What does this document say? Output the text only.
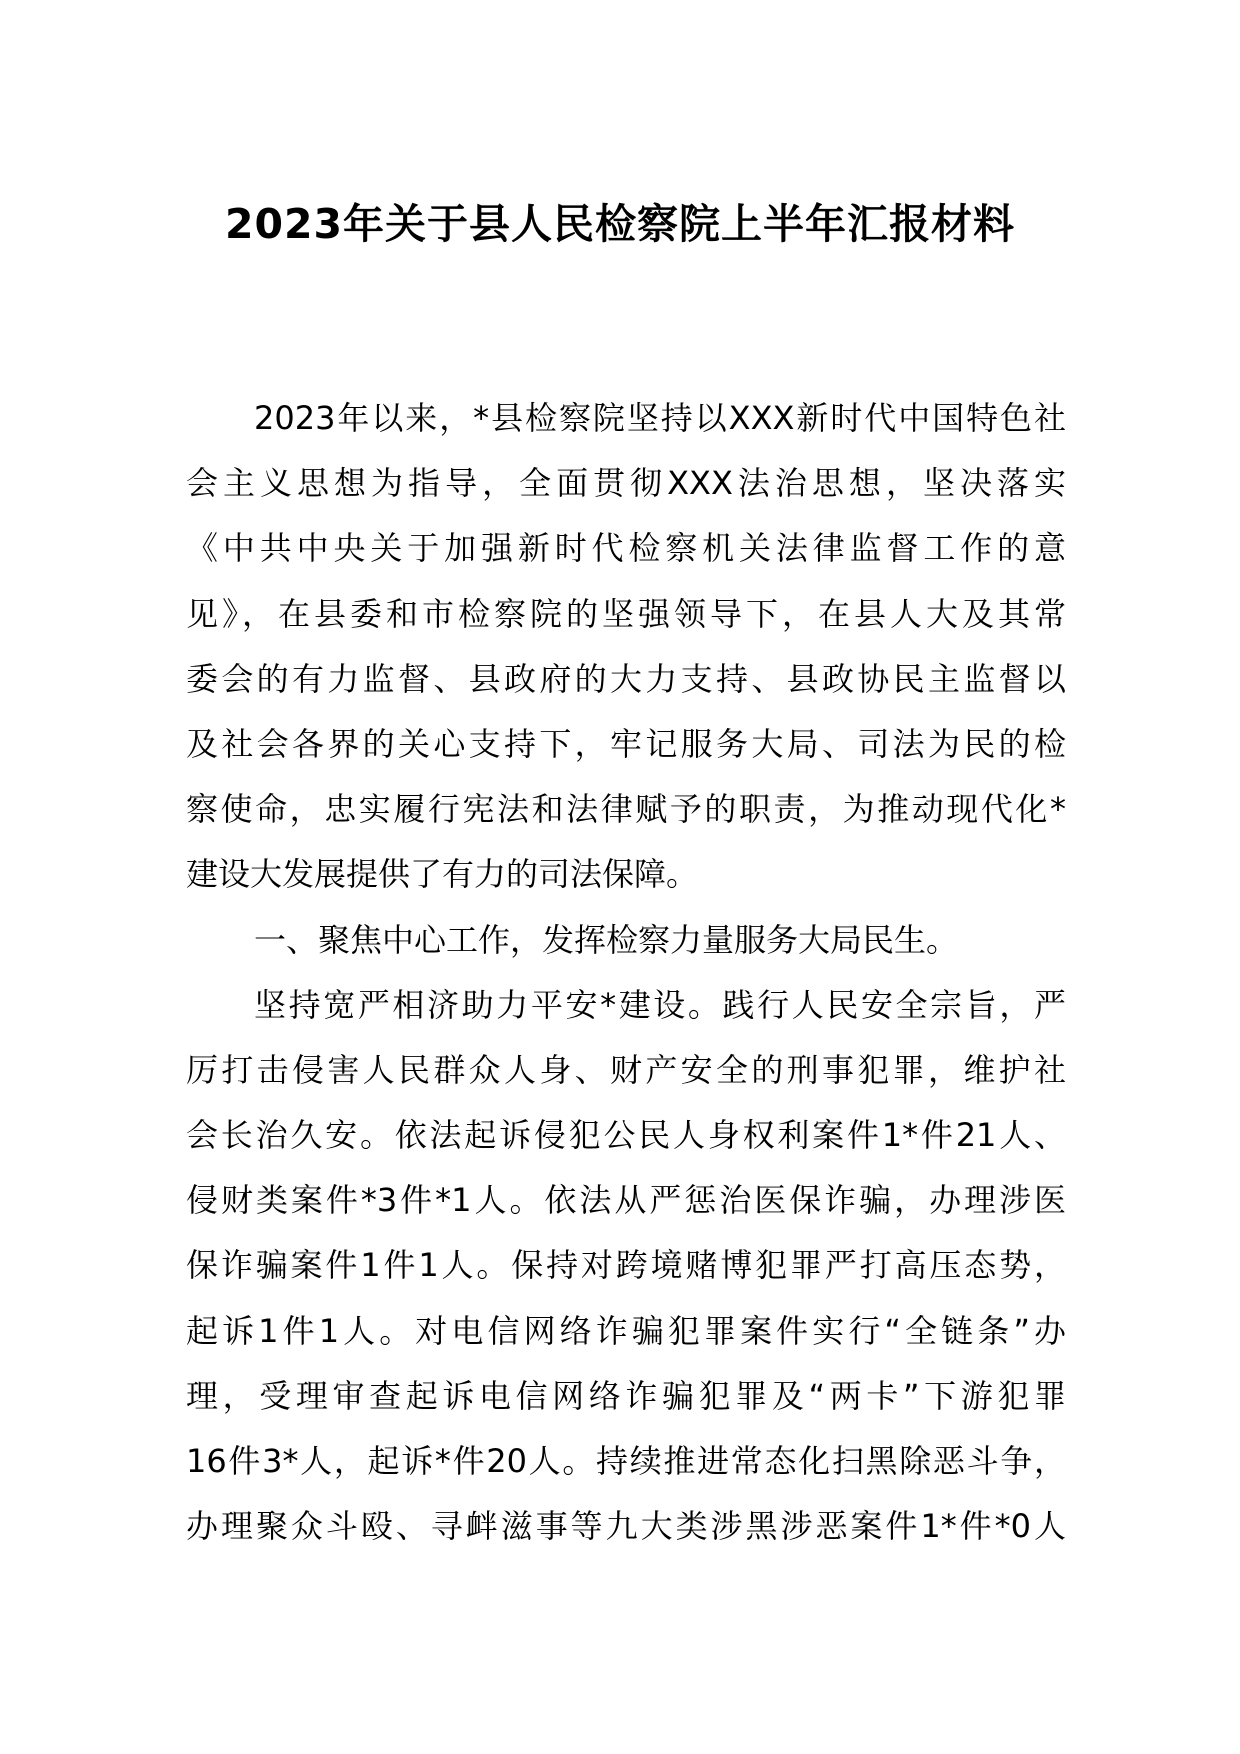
2023年关于县人民检察院上半年汇报材料
2023年以来，*县检察院坚持以XXX新时代中国特色社
会主义思想为指导，全面贯彻XXX法治思想，坚决落实
《中共中央关于加强新时代检察机关法律监督工作的意
见》，在县委和市检察院的坚强领导下，在县人大及其常
委会的有力监督、县政府的大力支持、县政协民主监督以
及社会各界的关心支持下，牢记服务大局、司法为民的检
察使命，忠实履行宪法和法律赋予的职责，为推动现代化*
建设大发展提供了有力的司法保障。
一、聚焦中心工作，发挥检察力量服务大局民生。
坚持宽严相济助力平安*建设。践行人民安全宗旨，严
厉打击侵害人民群众人身、财产安全的刑事犯罪，维护社
会长治久安。依法起诉侵犯公民人身权利案件1*件21人、
侵财类案件*3件*1人。依法从严惩治医保诈骗，办理涉医
保诈骗案件1件1人。保持对跨境赌博犯罪严打高压态势，
起诉1件1人。对电信网络诈骗犯罪案件实行“全链条”办
理，受理审查起诉电信网络诈骗犯罪及“两卡”下游犯罪
16件3*人，起诉*件20人。持续推进常态化扫黑除恶斗争，
办理聚众斗殴、寻衅滋事等九大类涉黑涉恶案件1*件*0人
